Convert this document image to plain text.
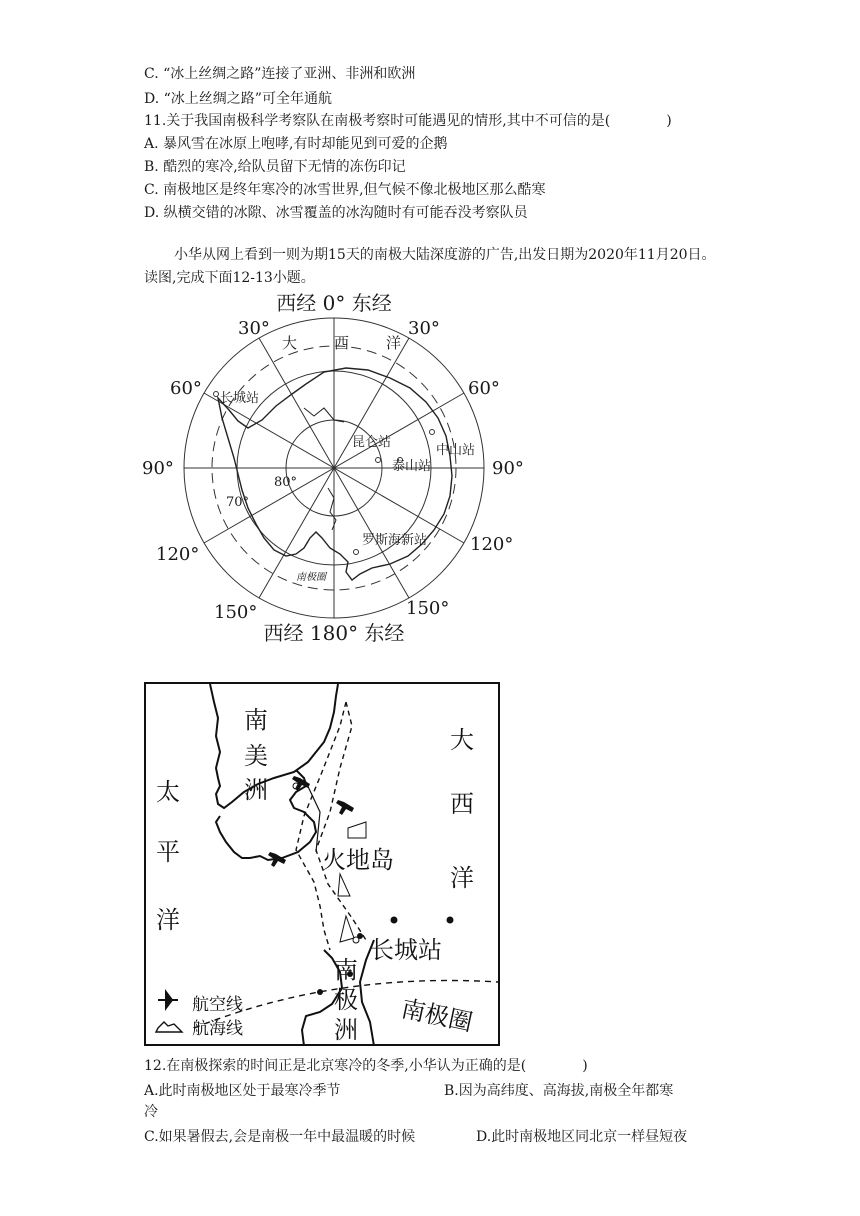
C. “冰上丝绸之路”连接了亚洲、非洲和欧洲
D. “冰上丝绸之路”可全年通航
11.关于我国南极科学考察队在南极考察时可能遇见的情形,其中不可信的是(	)
A. 暴风雪在冰原上咆哮,有时却能见到可爱的企鹅
B. 酷烈的寒冷,给队员留下无情的冻伤印记
C. 南极地区是终年寒冷的冰雪世界,但气候不像北极地区那么酷寒
D. 纵横交错的冰隙、冰雪覆盖的冰沟随时有可能吞没考察队员
小华从网上看到一则为期15天的南极大陆深度游的广告,出发日期为2020年11月20日。读图,完成下面12-13小题。
西经 0° 东经
西经 180° 东经
30°	30°
60°	60°
90°	90°
120°	120°
150°	150°
70°
80°
大 西 洋
长城站
昆仑站
中山站
泰山站
罗斯海新站
南极圈
南
美
洲
太
平
洋
大
西
洋
火地岛
长城站
南
极
洲 南极圈
航空线
航海线
12.在南极探索的时间正是北京寒冷的冬季,小华认为正确的是(	)
A.此时南极地区处于最寒冷季节	B.因为高纬度、高海拔,南极全年都寒
冷
C.如果暑假去,会是南极一年中最温暖的时候	D.此时南极地区同北京一样昼短夜
